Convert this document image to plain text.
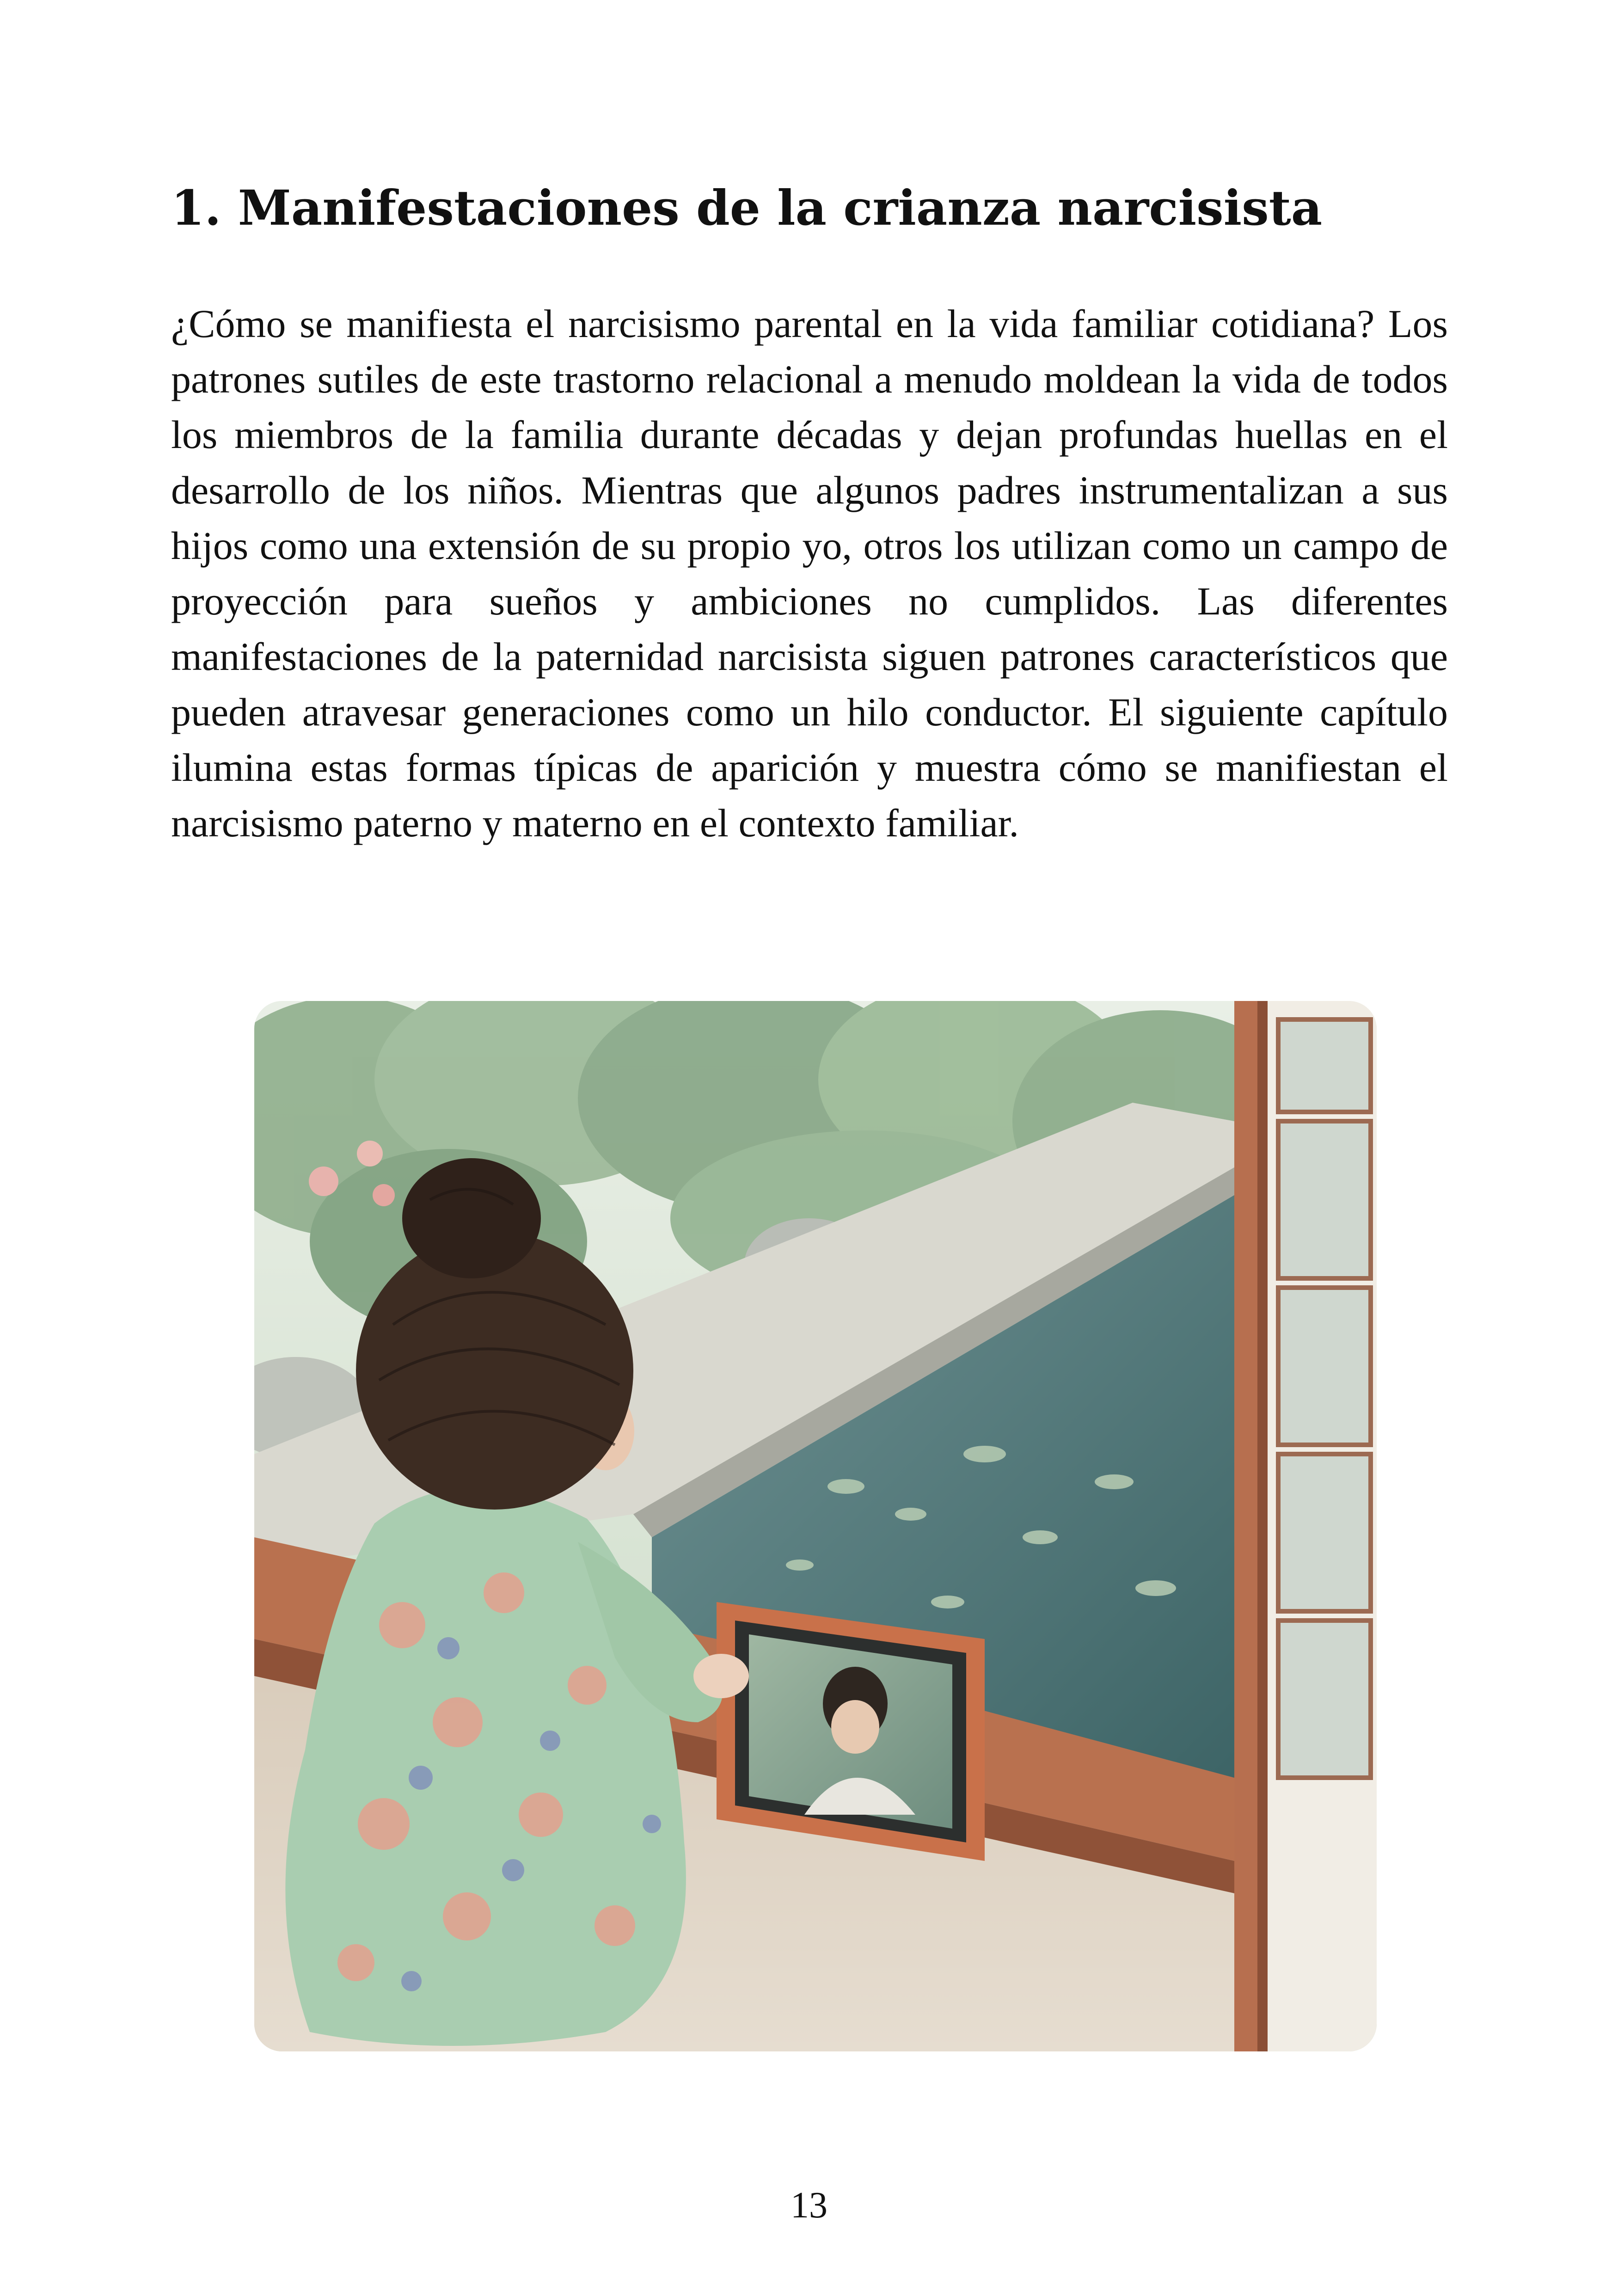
1. Manifestaciones de la crianza narcisista

¿Cómo se manifiesta el narcisismo parental en la vida familiar cotidiana? Los patrones sutiles de este trastorno relacional a menudo moldean la vida de todos los miembros de la familia durante décadas y dejan profundas huellas en el desarrollo de los niños. Mientras que algunos padres instrumentalizan a sus hijos como una extensión de su propio yo, otros los utilizan como un campo de proyección para sueños y ambiciones no cumplidos. Las diferentes manifestaciones de la paternidad narcisista siguen patrones característicos que pueden atravesar generaciones como un hilo conductor. El siguiente capítulo ilumina estas formas típicas de aparición y muestra cómo se manifiestan el narcisismo paterno y materno en el contexto familiar.

13
